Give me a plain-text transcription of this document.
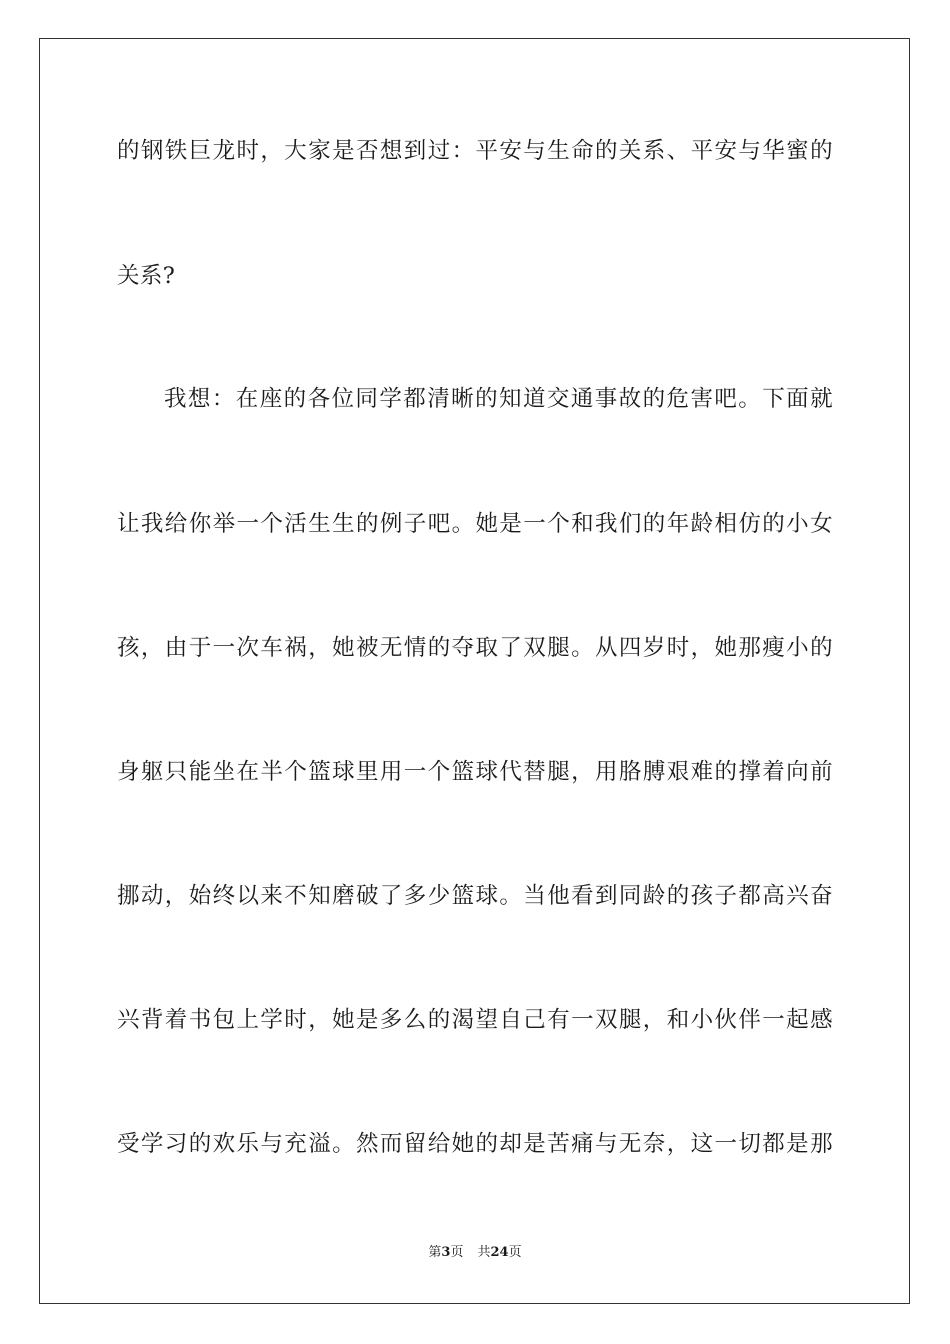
的钢铁巨龙时，大家是否想到过：平安与生命的关系、平安与华蜜的
关系?
我想：在座的各位同学都清晰的知道交通事故的危害吧。下面就
让我给你举一个活生生的例子吧。她是一个和我们的年龄相仿的小女
孩，由于一次车祸，她被无情的夺取了双腿。从四岁时，她那瘦小的
身躯只能坐在半个篮球里用一个篮球代替腿，用胳膊艰难的撑着向前
挪动，始终以来不知磨破了多少篮球。当他看到同龄的孩子都高兴奋
兴背着书包上学时，她是多么的渴望自己有一双腿，和小伙伴一起感
受学习的欢乐与充溢。然而留给她的却是苦痛与无奈，这一切都是那
第3页 共24页
